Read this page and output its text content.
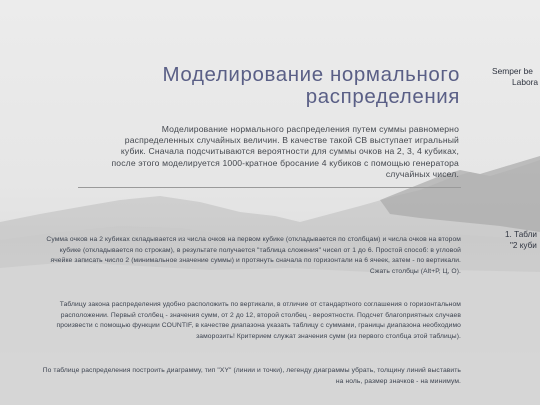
Моделирование нормального распределения

Моделирование нормального распределения путем суммы равномерно распределенных случайных величин. В качестве такой СВ выступает игральный кубик. Сначала подсчитываются вероятности для суммы очков на 2, 3, 4 кубиках, после этого моделируется 1000-кратное бросание 4 кубиков с помощью генератора случайных чисел.

Сумма очков на 2 кубиках складывается из числа очков на первом кубике (откладывается по столбцам) и числа очков на втором кубике (откладывается по строкам), в результате получается "таблица сложения" чисел от 1 до 6. Простой способ: в угловой ячейке записать число 2 (минимальное значение суммы) и протянуть сначала по горизонтали на 6 ячеек, затем - по вертикали. Сжать столбцы (Alt+Р, Ц, О).

Таблицу закона распределения удобно расположить по вертикали, в отличие от стандартного соглашения о горизонтальном расположении. Первый столбец - значения сумм, от 2 до 12, второй столбец - вероятности. Подсчет благоприятных случаев произвести с помощью функции COUNTIF, в качестве диапазона указать таблицу с суммами, границы диапазона необходимо заморозить! Критерием служат значения сумм (из первого столбца этой таблицы).

По таблице распределения построить диаграмму, тип "XY" (линии и точки), легенду диаграммы убрать, толщину линий выставить на ноль, размер значков - на минимум.

Semper be
Labora
1. Табли
"2 куби
